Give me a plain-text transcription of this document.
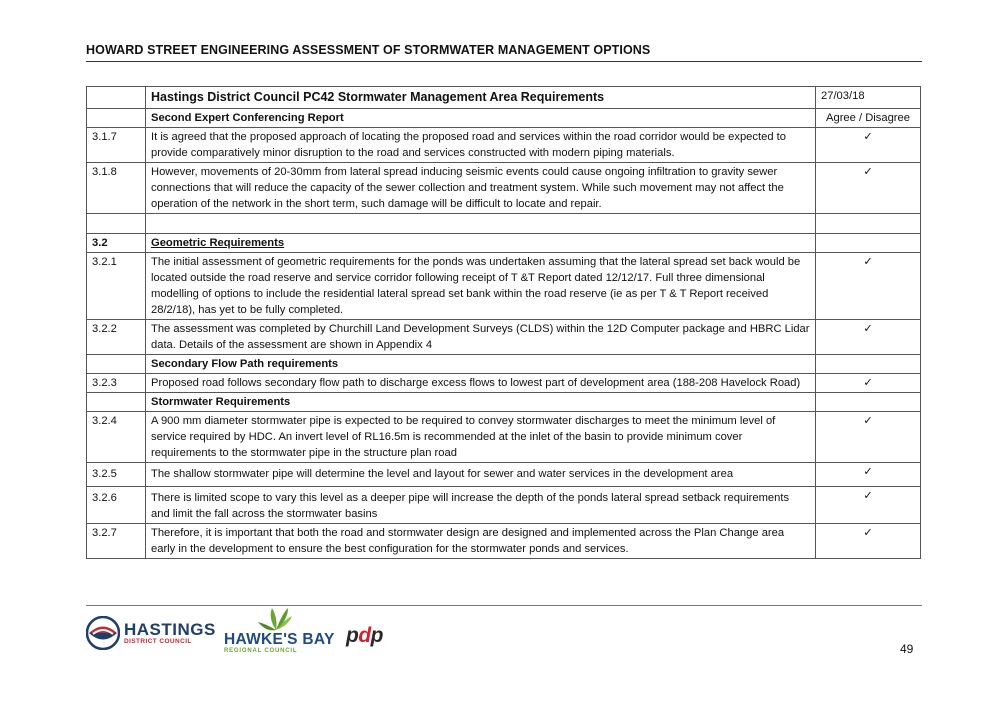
HOWARD STREET ENGINEERING ASSESSMENT OF STORMWATER MANAGEMENT OPTIONS
	Hastings District Council PC42 Stormwater Management Area Requirements	27/03/18
	Second Expert Conferencing Report	Agree / Disagree
3.1.7	It is agreed that the proposed approach of locating the proposed road and services within the road corridor would be expected to provide comparatively minor disruption to the road and services constructed with modern piping materials.	✓
3.1.8	However, movements of 20-30mm from lateral spread inducing seismic events could cause ongoing infiltration to gravity sewer connections that will reduce the capacity of the sewer collection and treatment system. While such movement may not affect the operation of the network in the short term, such damage will be difficult to locate and repair.	✓

3.2	Geometric Requirements	
3.2.1	The initial assessment of geometric requirements for the ponds was undertaken assuming that the lateral spread set back would be located outside the road reserve and service corridor following receipt of T &T Report dated 12/12/17. Full three dimensional modelling of options to include the residential lateral spread set bank within the road reserve (ie as per T & T Report received 28/2/18), has yet to be fully completed.	✓
3.2.2	The assessment was completed by Churchill Land Development Surveys (CLDS) within the 12D Computer package and HBRC Lidar data. Details of the assessment are shown in Appendix 4	✓
	Secondary Flow Path requirements	
3.2.3	Proposed road follows secondary flow path to discharge excess flows to lowest part of development area (188-208 Havelock Road)	✓
	Stormwater Requirements	
3.2.4	A 900 mm diameter stormwater pipe is expected to be required to convey stormwater discharges to meet the minimum level of service required by HDC. An invert level of RL16.5m is recommended at the inlet of the basin to provide minimum cover requirements to the stormwater pipe in the structure plan road	✓
3.2.5	The shallow stormwater pipe will determine the level and layout for sewer and water services in the development area	✓
3.2.6	There is limited scope to vary this level as a deeper pipe will increase the depth of the ponds lateral spread setback requirements and limit the fall across the stormwater basins	✓
3.2.7	Therefore, it is important that both the road and stormwater design are designed and implemented across the Plan Change area early in the development to ensure the best configuration for the stormwater ponds and services.	✓
HASTINGS
DISTRICT COUNCIL	HAWKE'S BAY
REGIONAL COUNCIL
pdp
49
